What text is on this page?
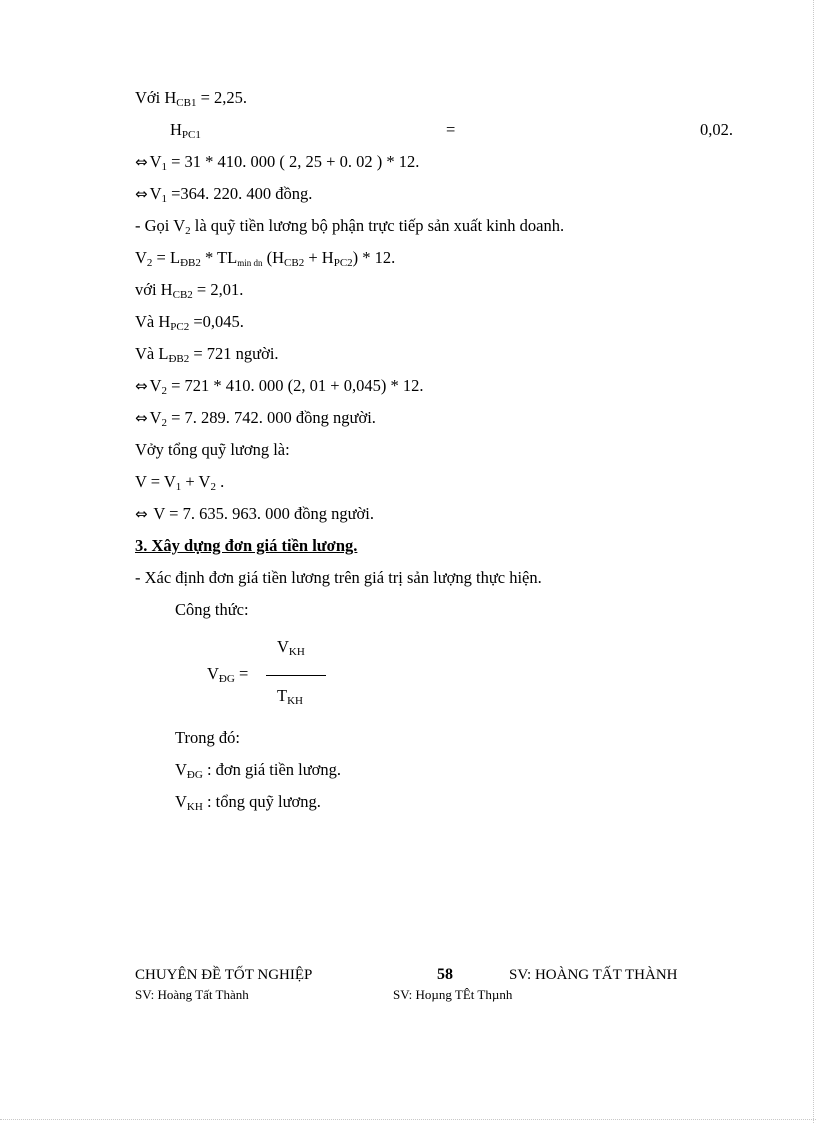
Với $H_{CB1} = 2,25$.
$H_{PC1}$	=	0,02.
⇔ $V_1 = 31 * 410$. 000 ( 2, 25 + 0. 02 ) * 12.
⇔ $V_1 =364$. 220. 400 đồng.
- Gọi $V_2$ là quỹ tiền lương bộ phận trực tiếp sản xuất kinh doanh.
$V_2 = L_{ĐB2} * TL_{min dn}$ $(H_{CB2} + H_{PC2}) * 12$.
với $H_{CB2} = 2,01$.
Và $H_{PC2} =0,045$.
Và $L_{ĐB2} = 721$ người.
⇔ $V_2 = 721 * 410$. 000 (2, 01 + 0,045) * 12.
⇔ $V_2 = 7$. 289. 742. 000 đồng người.
Vởy tổng quỹ lương là:
$V = V_1 + V_2$ .
⇔ V = 7. 635. 963. 000 đồng người.
3. Xây dựng đơn giá tiền lương.
- Xác định đơn giá tiền lương trên giá trị sản lượng thực hiện.
Công thức:
$V_{KH}$
$V_{ĐG}$ =
$T_{KH}$
Trong đó:
$V_{ĐG}$ : đơn giá tiền lương.
$V_{KH}$ : tổng quỹ lương.
CHUYÊN ĐỀ TỐT NGHIỆP	58	SV: HOÀNG TẤT THÀNH
SV: Hoàng Tất Thành	SV: Hoµng TÊt Thµnh
